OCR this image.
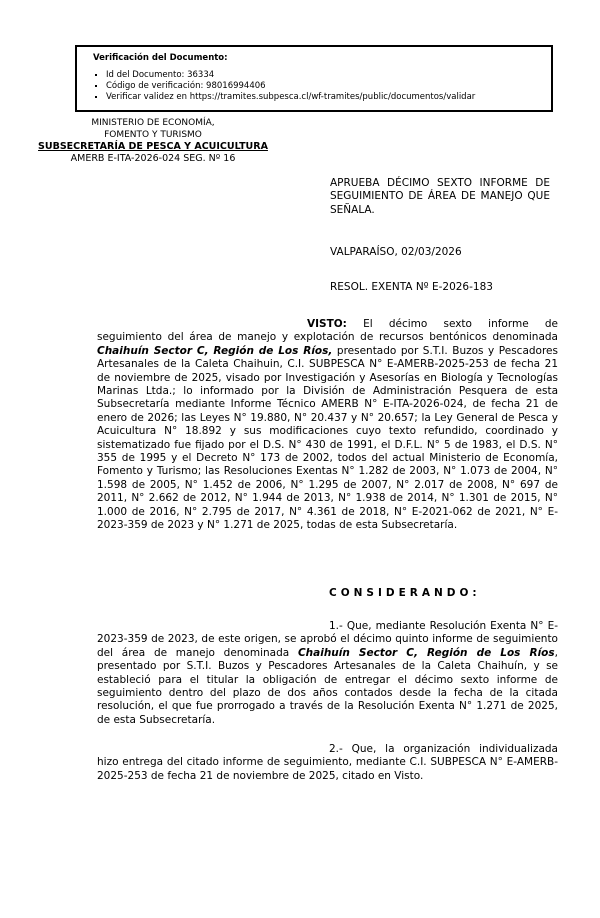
Verificación del Documento:
▪ Id del Documento: 36334
▪ Código de verificación: 98016994406
▪ Verificar validez en https://tramites.subpesca.cl/wf-tramites/public/documentos/validar
MINISTERIO DE ECONOMÍA,
FOMENTO Y TURISMO
SUBSECRETARÍA DE PESCA Y ACUICULTURA
AMERB E-ITA-2026-024 SEG. Nº 16
APRUEBA DÉCIMO SEXTO INFORME DE SEGUIMIENTO DE ÁREA DE MANEJO QUE SEÑALA.
VALPARAÍSO, 02/03/2026
RESOL. EXENTA Nº E-2026-183

VISTO: El décimo sexto informe de seguimiento del área de manejo y explotación de recursos bentónicos denominada Chaihuín Sector C, Región de Los Ríos, presentado por S.T.I. Buzos y Pescadores Artesanales de la Caleta Chaihuin, C.I. SUBPESCA N° E-AMERB-2025-253 de fecha 21 de noviembre de 2025, visado por Investigación y Asesorías en Biología y Tecnologías Marinas Ltda.; lo informado por la División de Administración Pesquera de esta Subsecretaría mediante Informe Técnico AMERB N° E-ITA-2026-024, de fecha 21 de enero de 2026; las Leyes N° 19.880, N° 20.437 y N° 20.657; la Ley General de Pesca y Acuicultura N° 18.892 y sus modificaciones cuyo texto refundido, coordinado y sistematizado fue fijado por el D.S. N° 430 de 1991, el D.F.L. N° 5 de 1983, el D.S. N° 355 de 1995 y el Decreto N° 173 de 2002, todos del actual Ministerio de Economía, Fomento y Turismo; las Resoluciones Exentas N° 1.282 de 2003, N° 1.073 de 2004, N° 1.598 de 2005, N° 1.452 de 2006, N° 1.295 de 2007, N° 2.017 de 2008, N° 697 de 2011, N° 2.662 de 2012, N° 1.944 de 2013, N° 1.938 de 2014, N° 1.301 de 2015, N° 1.000 de 2016, N° 2.795 de 2017, N° 4.361 de 2018, N° E-2021-062 de 2021, N° E-2023-359 de 2023 y N° 1.271 de 2025, todas de esta Subsecretaría.

CONSIDERANDO:

1.- Que, mediante Resolución Exenta N° E-2023-359 de 2023, de este origen, se aprobó el décimo quinto informe de seguimiento del área de manejo denominada Chaihuín Sector C, Región de Los Ríos, presentado por S.T.I. Buzos y Pescadores Artesanales de la Caleta Chaihuín, y se estableció para el titular la obligación de entregar el décimo sexto informe de seguimiento dentro del plazo de dos años contados desde la fecha de la citada resolución, el que fue prorrogado a través de la Resolución Exenta N° 1.271 de 2025, de esta Subsecretaría.

2.- Que, la organización individualizada hizo entrega del citado informe de seguimiento, mediante C.I. SUBPESCA N° E-AMERB-2025-253 de fecha 21 de noviembre de 2025, citado en Visto.
